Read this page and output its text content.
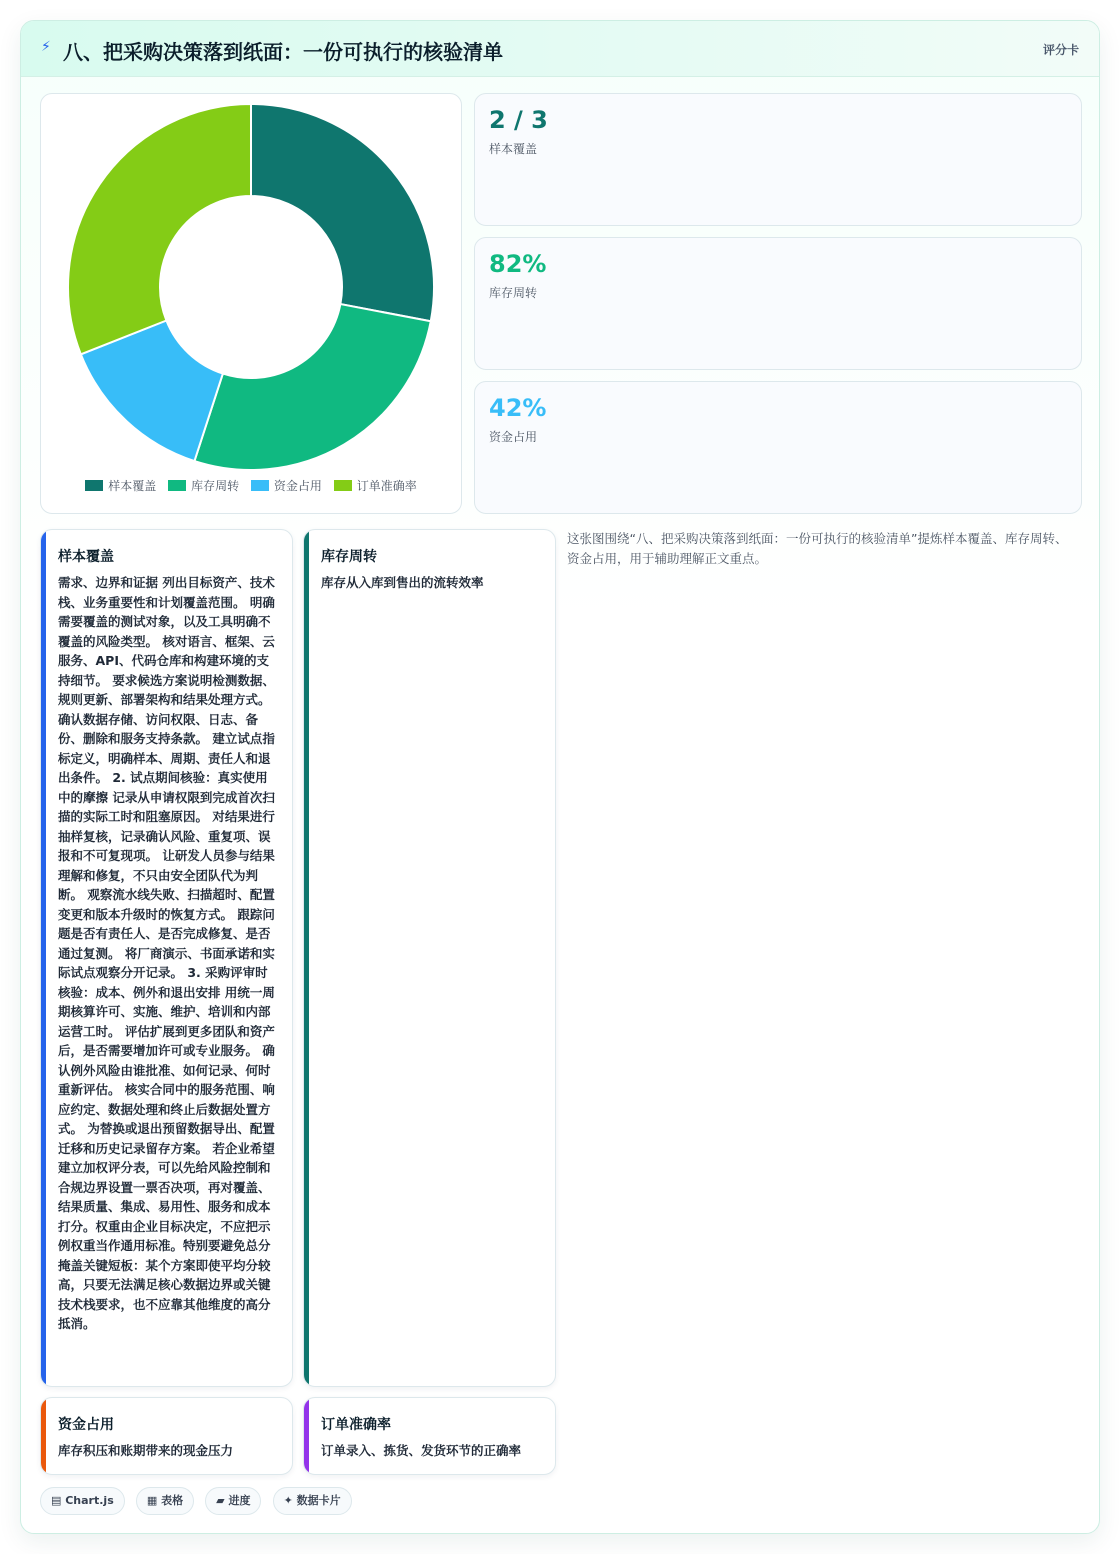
⚡ 八、把采购决策落到纸面：一份可执行的核验清单	评分卡
样本覆盖	库存周转	资金占用	订单准确率
2 / 3
样本覆盖
82%
库存周转
42%
资金占用
样本覆盖
需求、边界和证据 列出目标资产、技术栈、业务重要性和计划覆盖范围。 明确需要覆盖的测试对象，以及工具明确不覆盖的风险类型。 核对语言、框架、云服务、API、代码仓库和构建环境的支持细节。 要求候选方案说明检测数据、规则更新、部署架构和结果处理方式。 确认数据存储、访问权限、日志、备份、删除和服务支持条款。 建立试点指标定义，明确样本、周期、责任人和退出条件。 2. 试点期间核验：真实使用中的摩擦 记录从申请权限到完成首次扫描的实际工时和阻塞原因。 对结果进行抽样复核，记录确认风险、重复项、误报和不可复现项。 让研发人员参与结果理解和修复，不只由安全团队代为判断。 观察流水线失败、扫描超时、配置变更和版本升级时的恢复方式。 跟踪问题是否有责任人、是否完成修复、是否通过复测。 将厂商演示、书面承诺和实际试点观察分开记录。 3. 采购评审时核验：成本、例外和退出安排 用统一周期核算许可、实施、维护、培训和内部运营工时。 评估扩展到更多团队和资产后，是否需要增加许可或专业服务。 确认例外风险由谁批准、如何记录、何时重新评估。 核实合同中的服务范围、响应约定、数据处理和终止后数据处置方式。 为替换或退出预留数据导出、配置迁移和历史记录留存方案。 若企业希望建立加权评分表，可以先给风险控制和合规边界设置一票否决项，再对覆盖、结果质量、集成、易用性、服务和成本打分。权重由企业目标决定，不应把示例权重当作通用标准。特别要避免总分掩盖关键短板：某个方案即使平均分较高，只要无法满足核心数据边界或关键技术栈要求，也不应靠其他维度的高分抵消。
库存周转
库存从入库到售出的流转效率
资金占用
库存积压和账期带来的现金压力
订单准确率
订单录入、拣货、发货环节的正确率
这张图围绕“八、把采购决策落到纸面：一份可执行的核验清单”提炼样本覆盖、库存周转、资金占用，用于辅助理解正文重点。
▤ Chart.js	▦ 表格	▰ 进度	✦ 数据卡片
